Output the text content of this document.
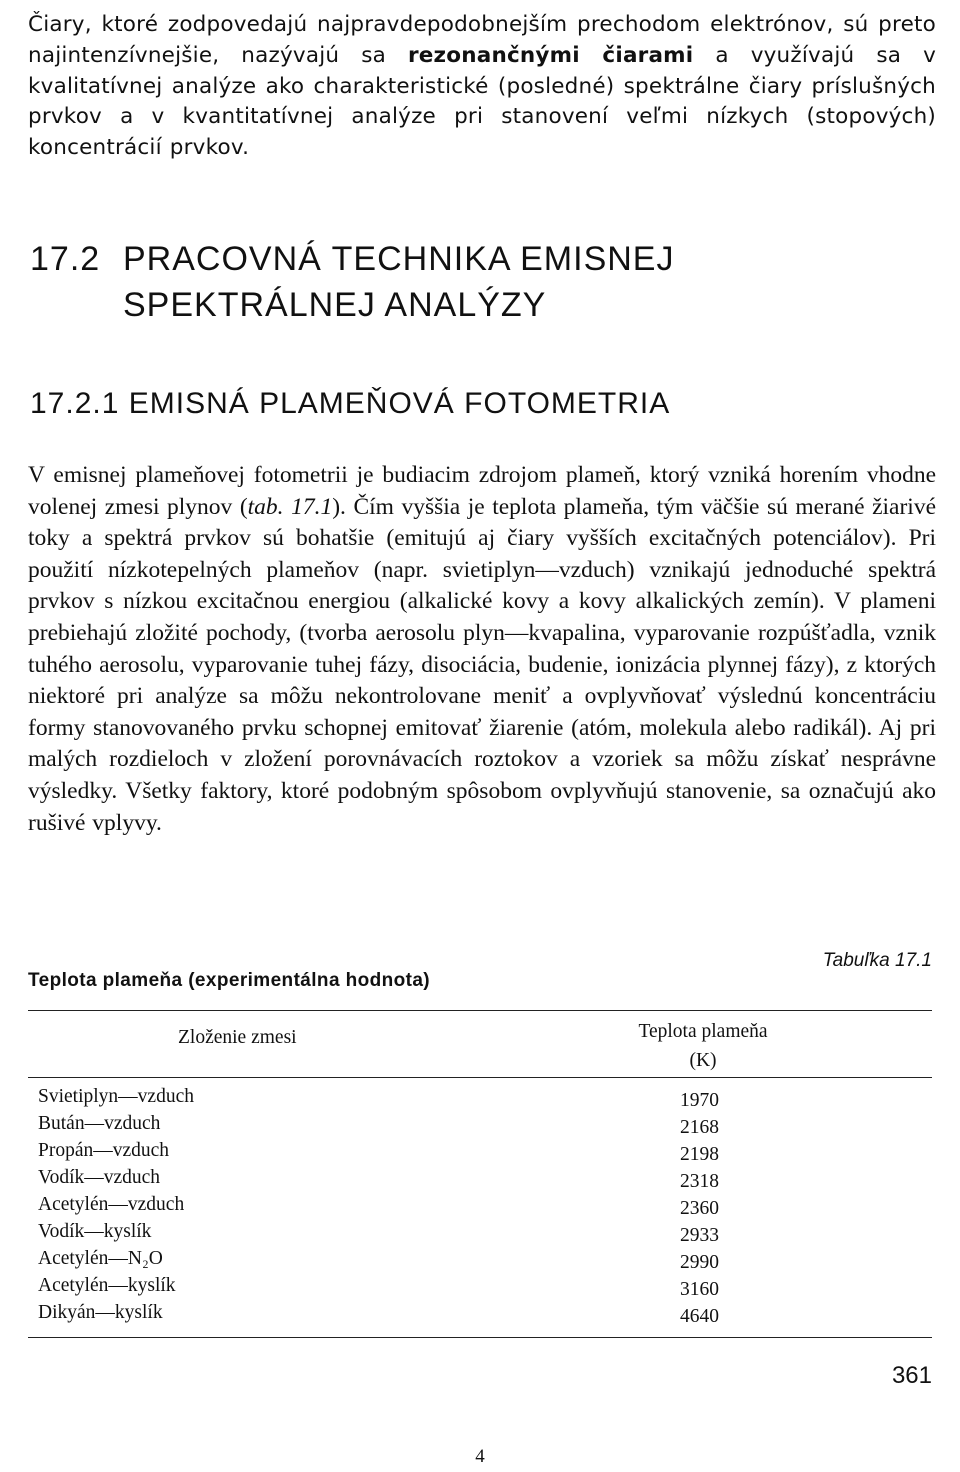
Čiary, ktoré zodpovedajú najpravdepodobnejším prechodom elektrónov, sú preto najintenzívnejšie, nazývajú sa rezonančnými čiarami a využívajú sa v kvalitatívnej analýze ako charakteristické (posledné) spektrálne čiary príslušných prvkov a v kvantitatívnej analýze pri stanovení veľmi nízkych (stopových) koncentrácií prvkov.

17.2 PRACOVNÁ TECHNIKA EMISNEJ
SPEKTRÁLNEJ ANALÝZY
17.2.1 EMISNÁ PLAMEŇOVÁ FOTOMETRIA

V emisnej plameňovej fotometrii je budiacim zdrojom plameň, ktorý vzniká horením vhodne volenej zmesi plynov (tab. 17.1). Čím vyššia je teplota plameňa, tým väčšie sú merané žiarivé toky a spektrá prvkov sú bohatšie (emitujú aj čiary vyšších excitačných potenciálov). Pri použití nízkotepelných plameňov (napr. svietiplyn—vzduch) vznikajú jednoduché spektrá prvkov s nízkou excitačnou energiou (alkalické kovy a kovy alkalických zemín). V plameni prebiehajú zložité pochody, (tvorba aerosolu plyn—kvapalina, vyparovanie rozpúšťadla, vznik tuhého aerosolu, vyparovanie tuhej fázy, disociácia, budenie, ionizácia plynnej fázy), z ktorých niektoré pri analýze sa môžu nekontrolovane meniť a ovplyvňovať výslednú koncentráciu formy stanovovaného prvku schopnej emitovať žiarenie (atóm, molekula alebo radikál). Aj pri malých rozdieloch v zložení porovnávacích roztokov a vzoriek sa môžu získať nesprávne výsledky. Všetky faktory, ktoré podobným spôsobom ovplyvňujú stanovenie, sa označujú ako rušivé vplyvy.

Tabuľka 17.1

Teplota plameňa (experimentálna hodnota)

Zloženie zmesi	Teplota plameňa
(K)
Svietiplyn—vzduch	1970
Bután—vzduch	2168
Propán—vzduch	2198
Vodík—vzduch	2318
Acetylén—vzduch	2360
Vodík—kyslík	2933
Acetylén—N₂O	2990
Acetylén—kyslík	3160
Dikyán—kyslík	4640

361

4
